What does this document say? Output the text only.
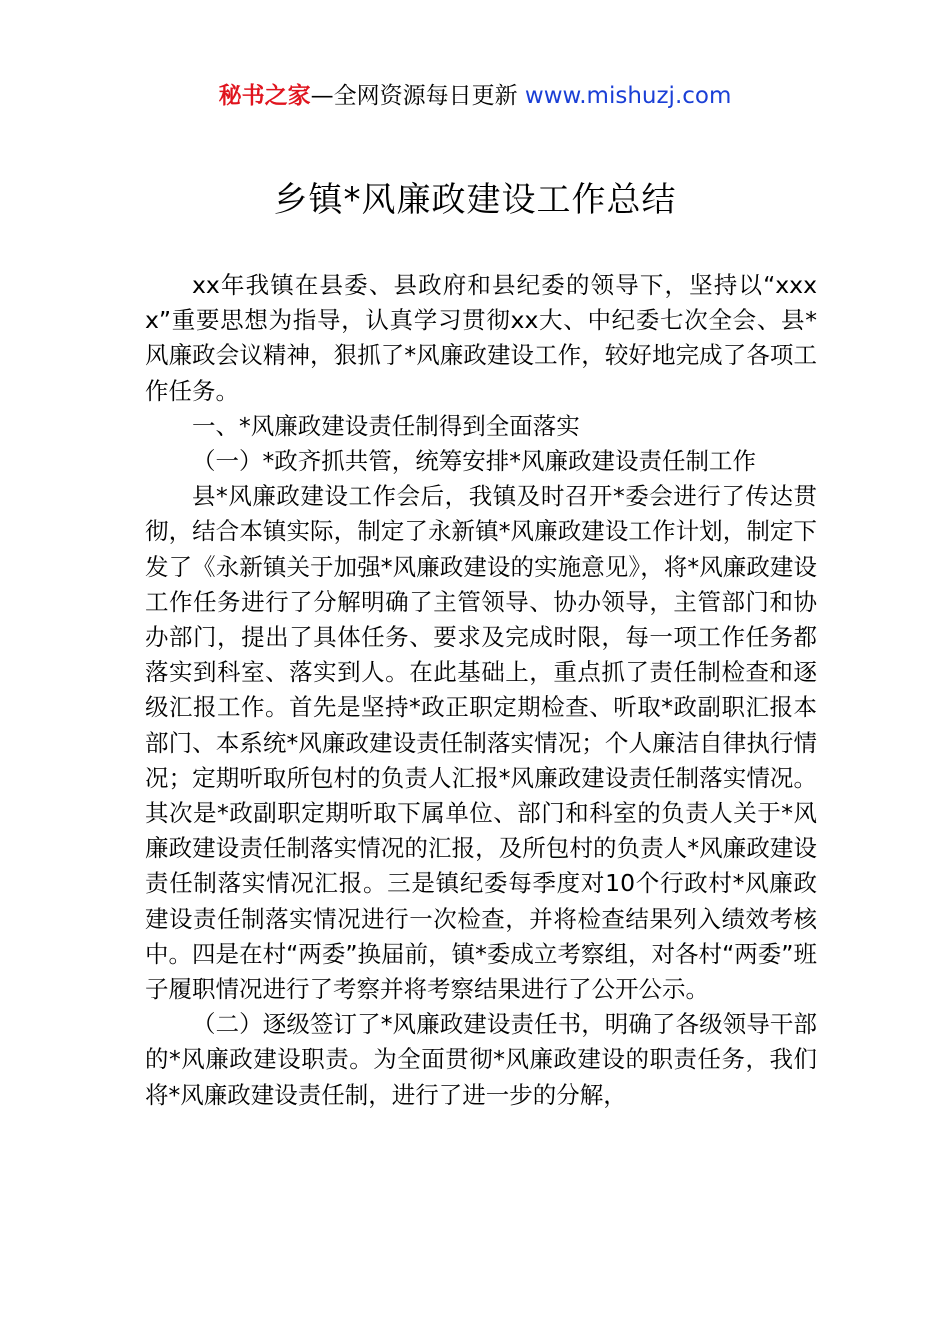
秘书之家—全网资源每日更新 www.mishuzj.com
乡镇*风廉政建设工作总结

xx年我镇在县委、县政府和县纪委的领导下，坚持以“xxxx”重要思想为指导，认真学习贯彻xx大、中纪委七次全会、县*风廉政会议精神，狠抓了*风廉政建设工作，较好地完成了各项工作任务。

一、*风廉政建设责任制得到全面落实

（一）*政齐抓共管，统筹安排*风廉政建设责任制工作

县*风廉政建设工作会后，我镇及时召开*委会进行了传达贯彻，结合本镇实际，制定了永新镇*风廉政建设工作计划，制定下发了《永新镇关于加强*风廉政建设的实施意见》，将*风廉政建设工作任务进行了分解明确了主管领导、协办领导，主管部门和协办部门，提出了具体任务、要求及完成时限，每一项工作任务都落实到科室、落实到人。在此基础上，重点抓了责任制检查和逐级汇报工作。首先是坚持*政正职定期检查、听取*政副职汇报本部门、本系统*风廉政建设责任制落实情况；个人廉洁自律执行情况；定期听取所包村的负责人汇报*风廉政建设责任制落实情况。其次是*政副职定期听取下属单位、部门和科室的负责人关于*风廉政建设责任制落实情况的汇报，及所包村的负责人*风廉政建设责任制落实情况汇报。三是镇纪委每季度对10个行政村*风廉政建设责任制落实情况进行一次检查，并将检查结果列入绩效考核中。四是在村“两委”换届前，镇*委成立考察组，对各村“两委”班子履职情况进行了考察并将考察结果进行了公开公示。

（二）逐级签订了*风廉政建设责任书，明确了各级领导干部的*风廉政建设职责。为全面贯彻*风廉政建设的职责任务，我们将*风廉政建设责任制，进行了进一步的分解，
